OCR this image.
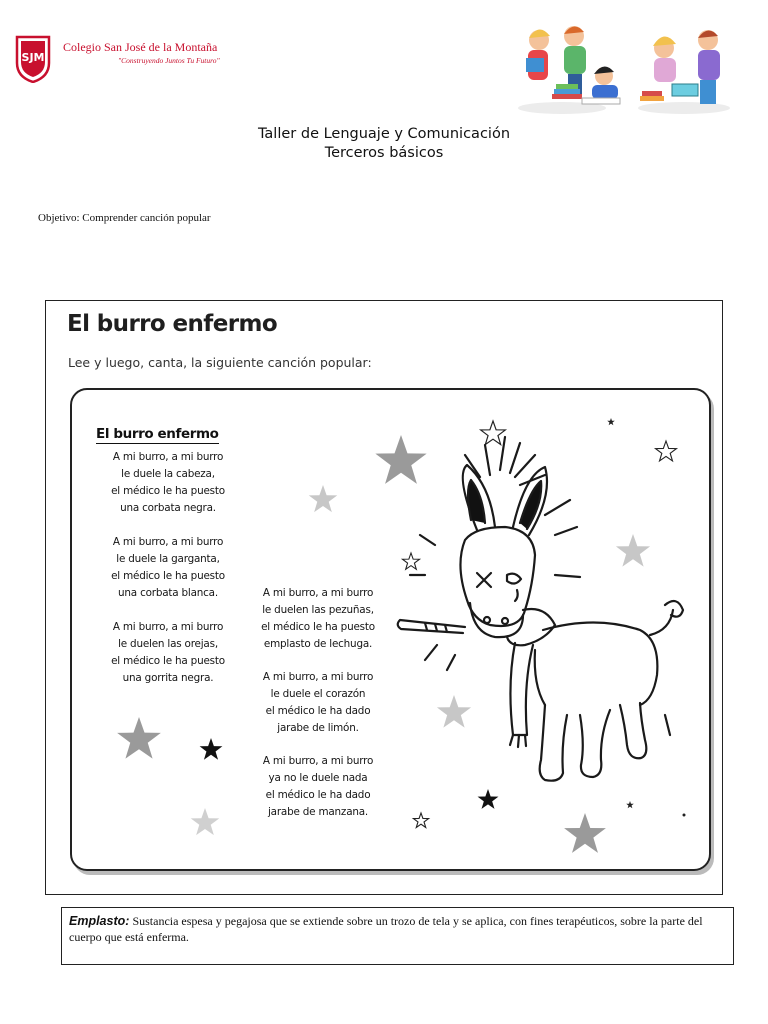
SJM
Colegio San José de la Montaña
"Construyendo Juntos Tu Futuro"
Taller de Lenguaje y Comunicación
Terceros básicos
Objetivo: Comprender canción popular
El burro enfermo
Lee y luego, canta, la siguiente canción popular:
El burro enfermo
A mi burro, a mi burro
le duele la cabeza,
el médico le ha puesto
una corbata negra.
A mi burro, a mi burro
le duele la garganta,
el médico le ha puesto
una corbata blanca.
A mi burro, a mi burro
le duelen las orejas,
el médico le ha puesto
una gorrita negra.
A mi burro, a mi burro
le duelen las pezuñas,
el médico le ha puesto
emplasto de lechuga.
A mi burro, a mi burro
le duele el corazón
el médico le ha dado
jarabe de limón.
A mi burro, a mi burro
ya no le duele nada
el médico le ha dado
jarabe de manzana.
Emplasto: Sustancia espesa y pegajosa que se extiende sobre un trozo de tela y se aplica, con fines terapéuticos, sobre la parte del cuerpo que está enferma.
